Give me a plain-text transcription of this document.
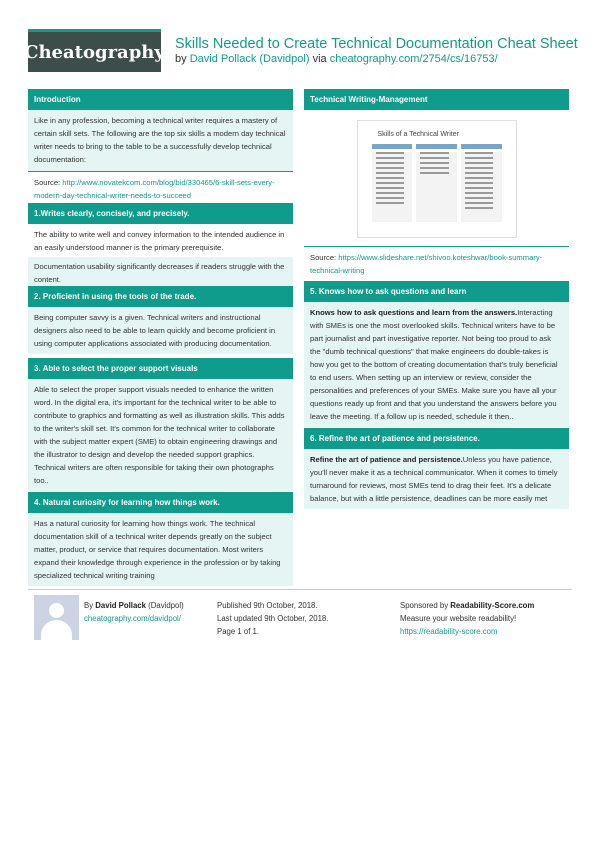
Cheatography Skills Needed to Create Technical Documentation Cheat Sheet
by David Pollack (Davidpol) via cheatography.com/2754/cs/16753/
Introduction
Like in any profession, becoming a technical writer requires a mastery of certain skill sets. The following are the top six skills a modern day technical writer needs to bring to the table to be a successfully develop technical documentation:
Source: http://www.novatekcom.com/blog/bid/330465/6-skill-sets-every-modern-day-technical-writer-needs-to-succeed
1.Writes clearly, concisely, and precisely.
The ability to write well and convey information to the intended audience in an easily understood manner is the primary prerequisite.
Documentation usability significantly decreases if readers struggle with the content.
2. Proficient in using the tools of the trade.
Being computer savvy is a given. Technical writers and instructional designers also need to be able to learn quickly and become proficient in using computer applications associated with producing documentation.
3. Able to select the proper support visuals
Able to select the proper support visuals needed to enhance the written word. In the digital era, it's important for the technical writer to be able to contribute to graphics and formatting as well as illustration skills. This adds to the writer's skill set. It's common for the technical writer to collaborate with the subject matter expert (SME) to obtain engineering drawings and the illustrator to design and develop the needed support graphics. Technical writers are often responsible for taking their own photographs too..
4. Natural curiosity for learning how things work.
Has a natural curiosity for learning how things work. The technical documentation skill of a technical writer depends greatly on the subject matter, product, or service that requires documentation. Most writers expand their knowledge through experience in the profession or by taking specialized technical writing training
Technical Writing-Management
Skills of a Technical Writer
Source: https://www.slideshare.net/shivoo.koteshwar/book-summary-technical-writing
5. Knows how to ask questions and learn
Knows how to ask questions and learn from the answers.Interacting with SMEs is one the most overlooked skills. Technical writers have to be part journalist and part investigative reporter. Not being too proud to ask the "dumb technical questions" that make engineers do double-takes is how you get to the bottom of creating documentation that's truly beneficial to end users. When setting up an interview or review, consider the personalities and preferences of your SMEs. Make sure you have all your questions ready up front and that you understand the answers before you leave the meeting. If a follow up is needed, schedule it then..
6. Refine the art of patience and persistence.
Refine the art of patience and persistence.Unless you have patience, you'll never make it as a technical communicator. When it comes to timely turnaround for reviews, most SMEs tend to drag their feet. It's a delicate balance, but with a little persistence, deadlines can be more easily met
By David Pollack (Davidpol)
cheatography.com/davidpol/
Published 9th October, 2018.
Last updated 9th October, 2018.
Page 1 of 1.
Sponsored by Readability-Score.com
Measure your website readability!
https://readability-score.com
